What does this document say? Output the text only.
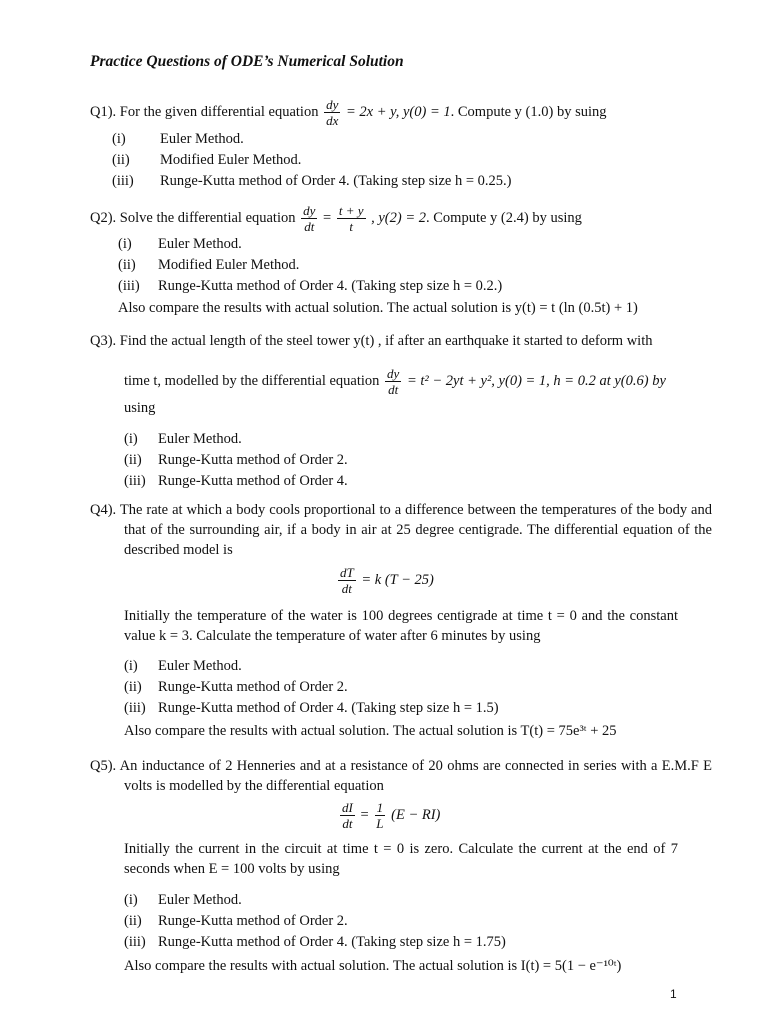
Practice Questions of ODE’s Numerical Solution
Q1). For the given differential equation $\frac{dy}{dx} = 2x + y$, y(0) = 1. Compute y (1.0) by suing
(i) Euler Method.
(ii) Modified Euler Method.
(iii) Runge-Kutta method of Order 4. (Taking step size h = 0.25.)
Q2). Solve the differential equation $\frac{dy}{dt} = \frac{t + y}{t}$ , y(2) = 2. Compute y (2.4) by using
(i) Euler Method.
(ii) Modified Euler Method.
(iii) Runge-Kutta method of Order 4. (Taking step size h = 0.2.)
Also compare the results with actual solution. The actual solution is y(t) = t (ln (0.5t) + 1)
Q3). Find the actual length of the steel tower y(t) , if after an earthquake it started to deform with
time t, modelled by the differential equation $\frac{dy}{dt} = t^2 - 2yt + y^2$, y(0) = 1, h = 0.2 at y(0.6) by
using
(i) Euler Method.
(ii) Runge-Kutta method of Order 2.
(iii) Runge-Kutta method of Order 4.
Q4). The rate at which a body cools proportional to a difference between the temperatures of the body and that of the surrounding air, if a body in air at 25 degree centigrade. The differential equation of the described model is
$\frac{dT}{dt} = k$ (T − 25)
Initially the temperature of the water is 100 degrees centigrade at time t = 0 and the constant value k = 3. Calculate the temperature of water after 6 minutes by using
(i) Euler Method.
(ii) Runge-Kutta method of Order 2.
(iii) Runge-Kutta method of Order 4. (Taking step size h = 1.5)
Also compare the results with actual solution. The actual solution is T(t) = 75e³ᵗ + 25
Q5). An inductance of 2 Henneries and at a resistance of 20 ohms are connected in series with a E.M.F E volts is modelled by the differential equation
$\frac{dI}{dt} = \frac{1}{L} (E - RI)$
Initially the current in the circuit at time t = 0 is zero. Calculate the current at the end of 7 seconds when E = 100 volts by using
(i) Euler Method.
(ii) Runge-Kutta method of Order 2.
(iii) Runge-Kutta method of Order 4. (Taking step size h = 1.75)
Also compare the results with actual solution. The actual solution is I(t) = 5(1 − e⁻¹⁰ᵗ)
1
